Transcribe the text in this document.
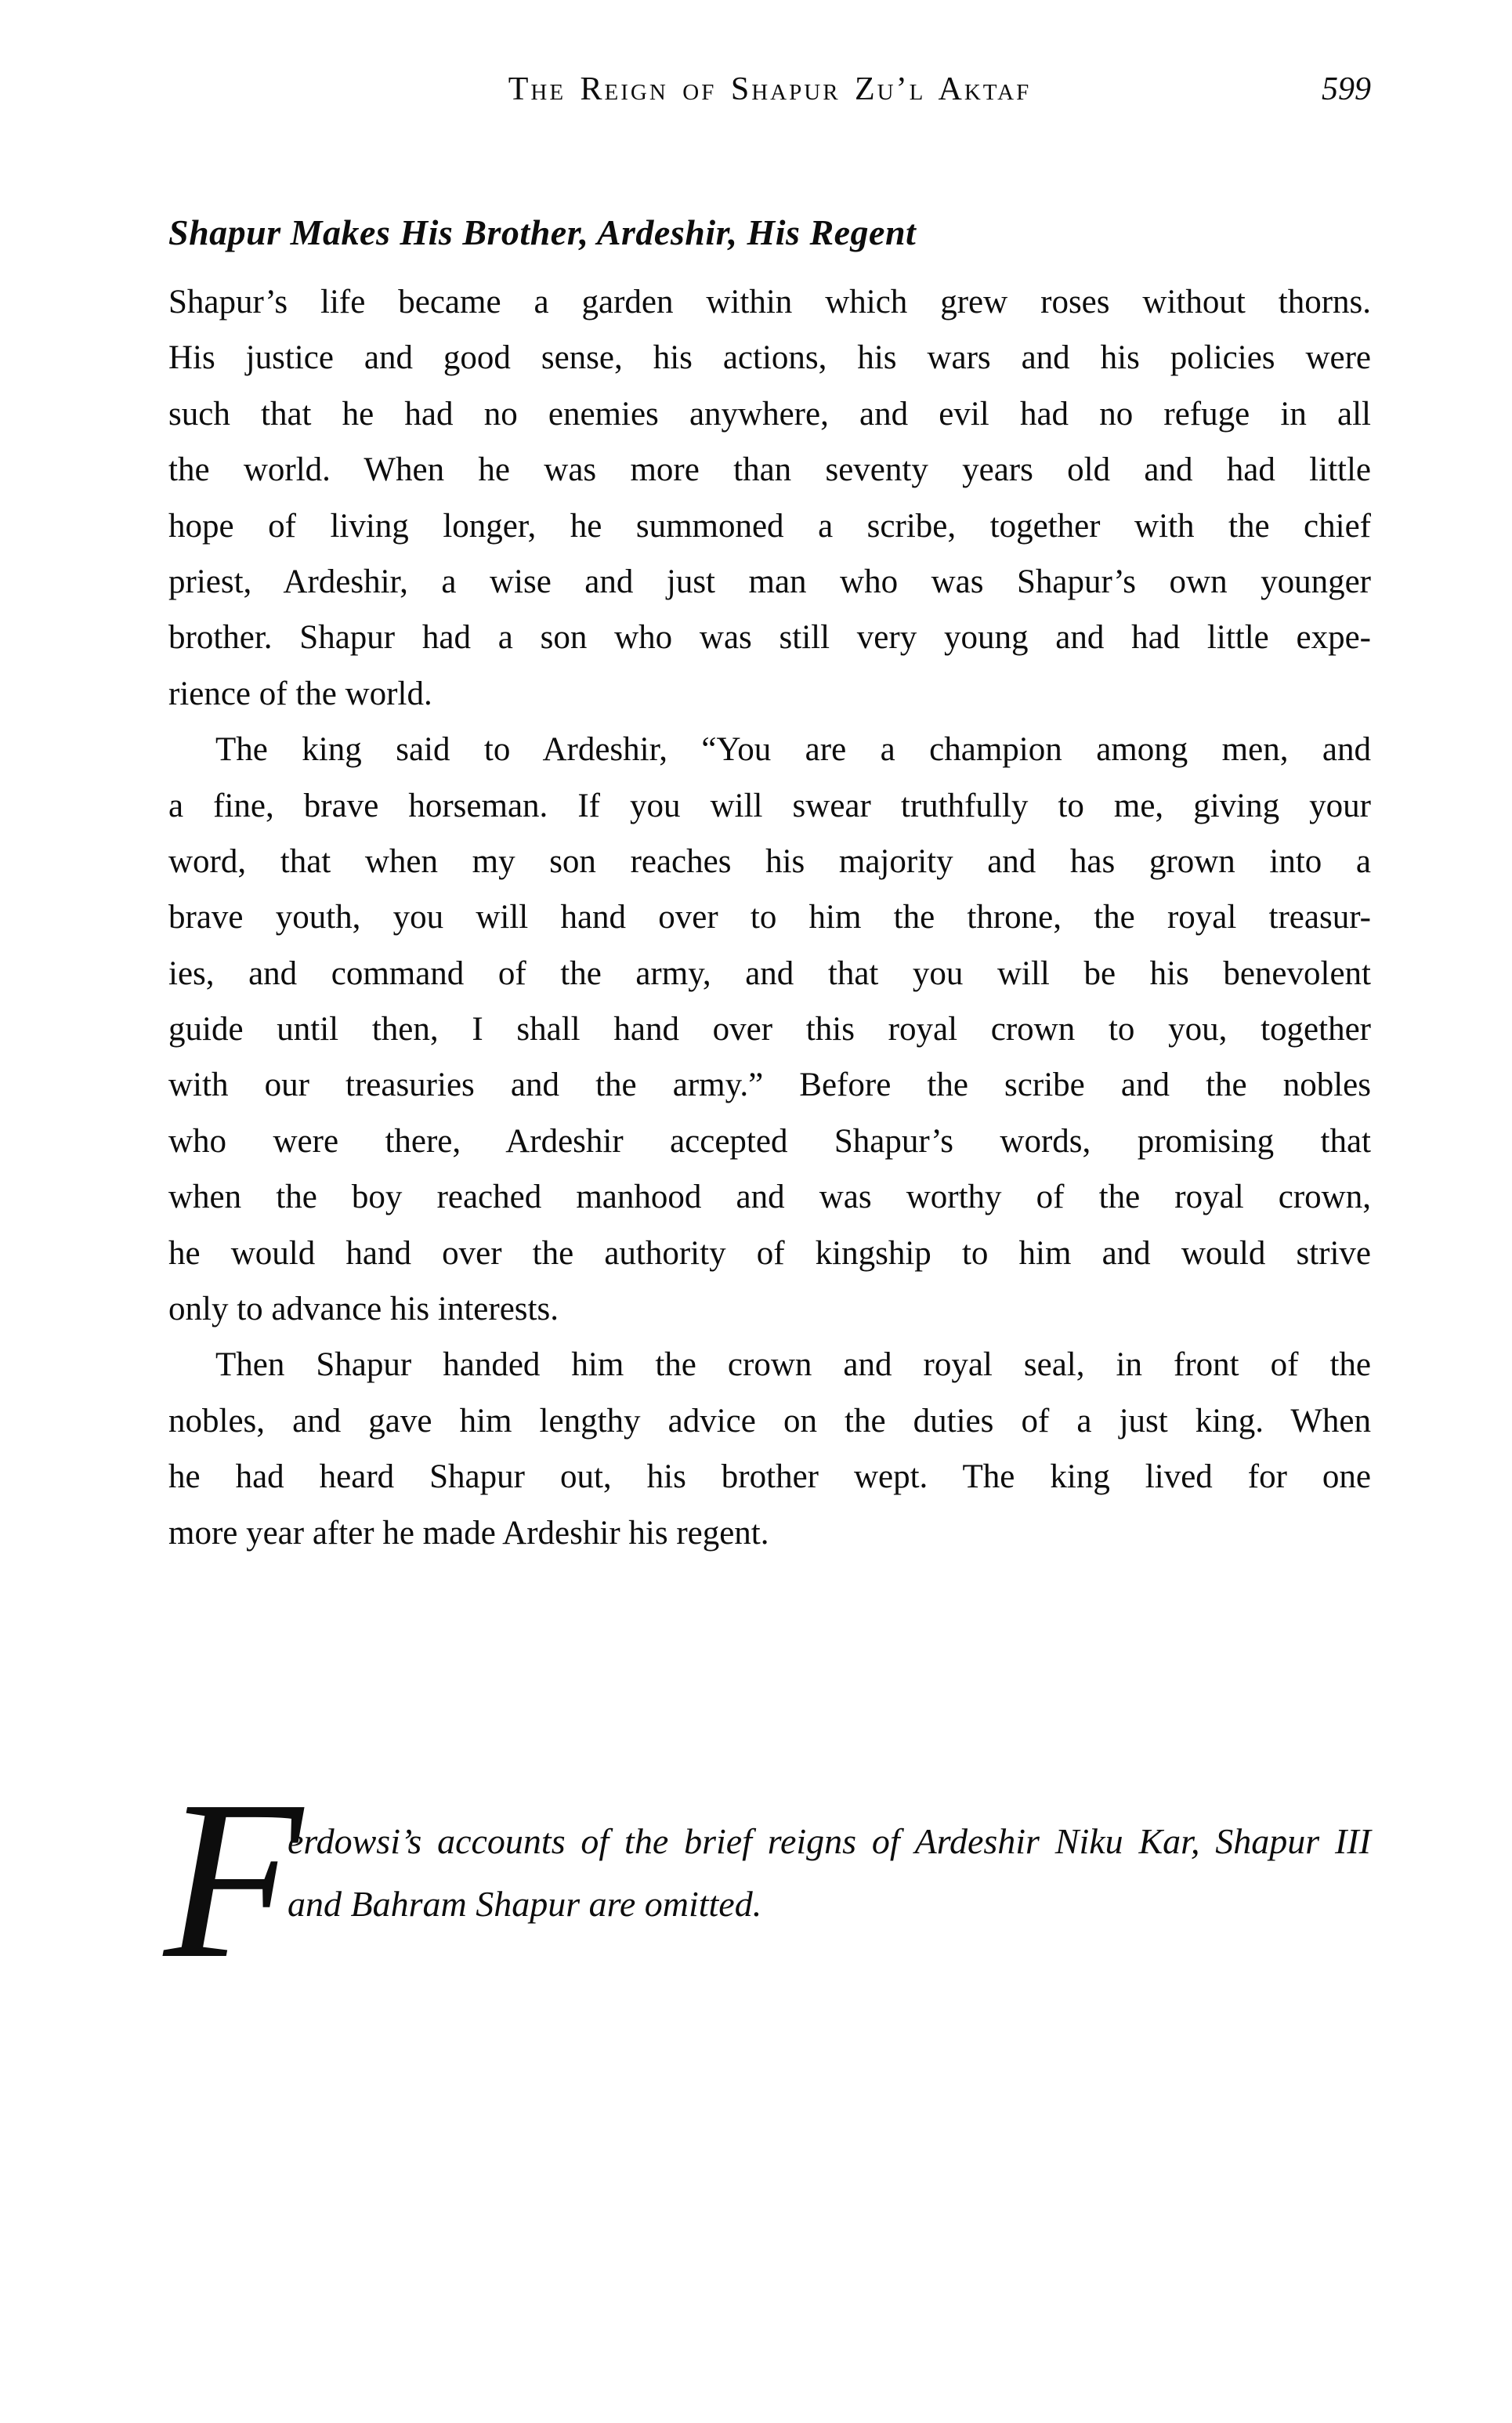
The Reign of Shapur Zu’l Aktaf	599
Shapur Makes His Brother, Ardeshir, His Regent
Shapur’s life became a garden within which grew roses without thorns.
His justice and good sense, his actions, his wars and his policies were
such that he had no enemies anywhere, and evil had no refuge in all
the world. When he was more than seventy years old and had little
hope of living longer, he summoned a scribe, together with the chief
priest, Ardeshir, a wise and just man who was Shapur’s own younger
brother. Shapur had a son who was still very young and had little expe-
rience of the world.
The king said to Ardeshir, “You are a champion among men, and
a fine, brave horseman. If you will swear truthfully to me, giving your
word, that when my son reaches his majority and has grown into a
brave youth, you will hand over to him the throne, the royal treasur-
ies, and command of the army, and that you will be his benevolent
guide until then, I shall hand over this royal crown to you, together
with our treasuries and the army.” Before the scribe and the nobles
who were there, Ardeshir accepted Shapur’s words, promising that
when the boy reached manhood and was worthy of the royal crown,
he would hand over the authority of kingship to him and would strive
only to advance his interests.
Then Shapur handed him the crown and royal seal, in front of the
nobles, and gave him lengthy advice on the duties of a just king. When
he had heard Shapur out, his brother wept. The king lived for one
more year after he made Ardeshir his regent.
F
erdowsi’s accounts of the brief reigns of Ardeshir Niku Kar, Shapur III
and Bahram Shapur are omitted.
